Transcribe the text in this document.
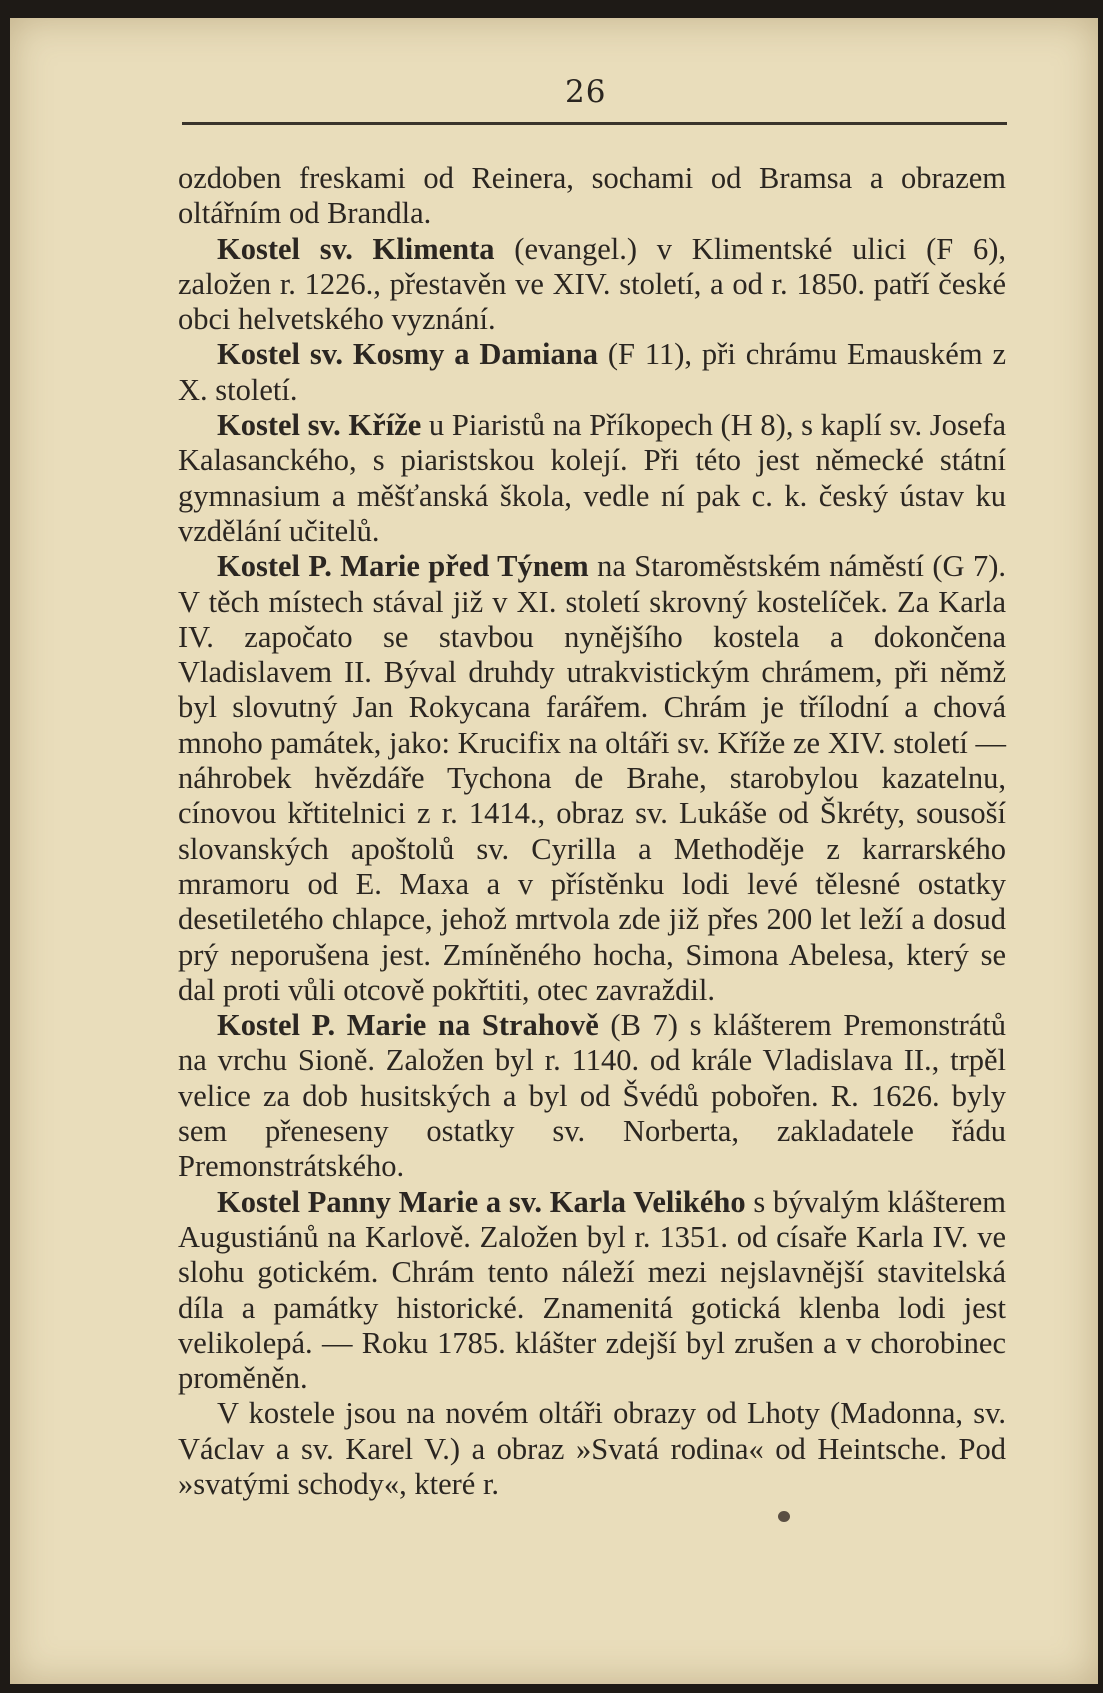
26

ozdoben freskami od Reinera, sochami od Bramsa a obrazem oltářním od Brandla.

Kostel sv. Klimenta (evangel.) v Klimentské ulici (F 6), založen r. 1226., přestavěn ve XIV. století, a od r. 1850. patří české obci helvetského vyznání.

Kostel sv. Kosmy a Damiana (F 11), při chrámu Emauském z X. století.

Kostel sv. Kříže u Piaristů na Příkopech (H 8), s kaplí sv. Josefa Kalasanckého, s piaristskou kolejí. Při této jest německé státní gymnasium a měšťanská škola, vedle ní pak c. k. český ústav ku vzdělání učitelů.

Kostel P. Marie před Týnem na Staroměstském náměstí (G 7). V těch místech stával již v XI. století skrovný kostelíček. Za Karla IV. započato se stavbou nynějšího kostela a dokončena Vladislavem II. Býval druhdy utrakvistickým chrámem, při němž byl slovutný Jan Rokycana farářem. Chrám je třílodní a chová mnoho památek, jako: Krucifix na oltáři sv. Kříže ze XIV. století — náhrobek hvězdáře Tychona de Brahe, starobylou kazatelnu, cínovou křtitelnici z r. 1414., obraz sv. Lukáše od Škréty, sousoší slovanských apoštolů sv. Cyrilla a Methoděje z karrarského mramoru od E. Maxa a v přístěnku lodi levé tělesné ostatky desetiletého chlapce, jehož mrtvola zde již přes 200 let leží a dosud prý neporušena jest. Zmíněného hocha, Simona Abelesa, který se dal proti vůli otcově pokřtiti, otec zavraždil.

Kostel P. Marie na Strahově (B 7) s klášterem Premonstrátů na vrchu Sioně. Založen byl r. 1140. od krále Vladislava II., trpěl velice za dob husitských a byl od Švédů pobořen. R. 1626. byly sem přeneseny ostatky sv. Norberta, zakladatele řádu Premonstrátského.

Kostel Panny Marie a sv. Karla Velikého s bývalým klášterem Augustiánů na Karlově. Založen byl r. 1351. od císaře Karla IV. ve slohu gotickém. Chrám tento náleží mezi nejslavnější stavitelská díla a památky historické. Znamenitá gotická klenba lodi jest velikolepá. — Roku 1785. klášter zdejší byl zrušen a v chorobinec proměněn.

V kostele jsou na novém oltáři obrazy od Lhoty (Madonna, sv. Václav a sv. Karel V.) a obraz »Svatá rodina« od Heintsche. Pod »svatými schody«, které r.
